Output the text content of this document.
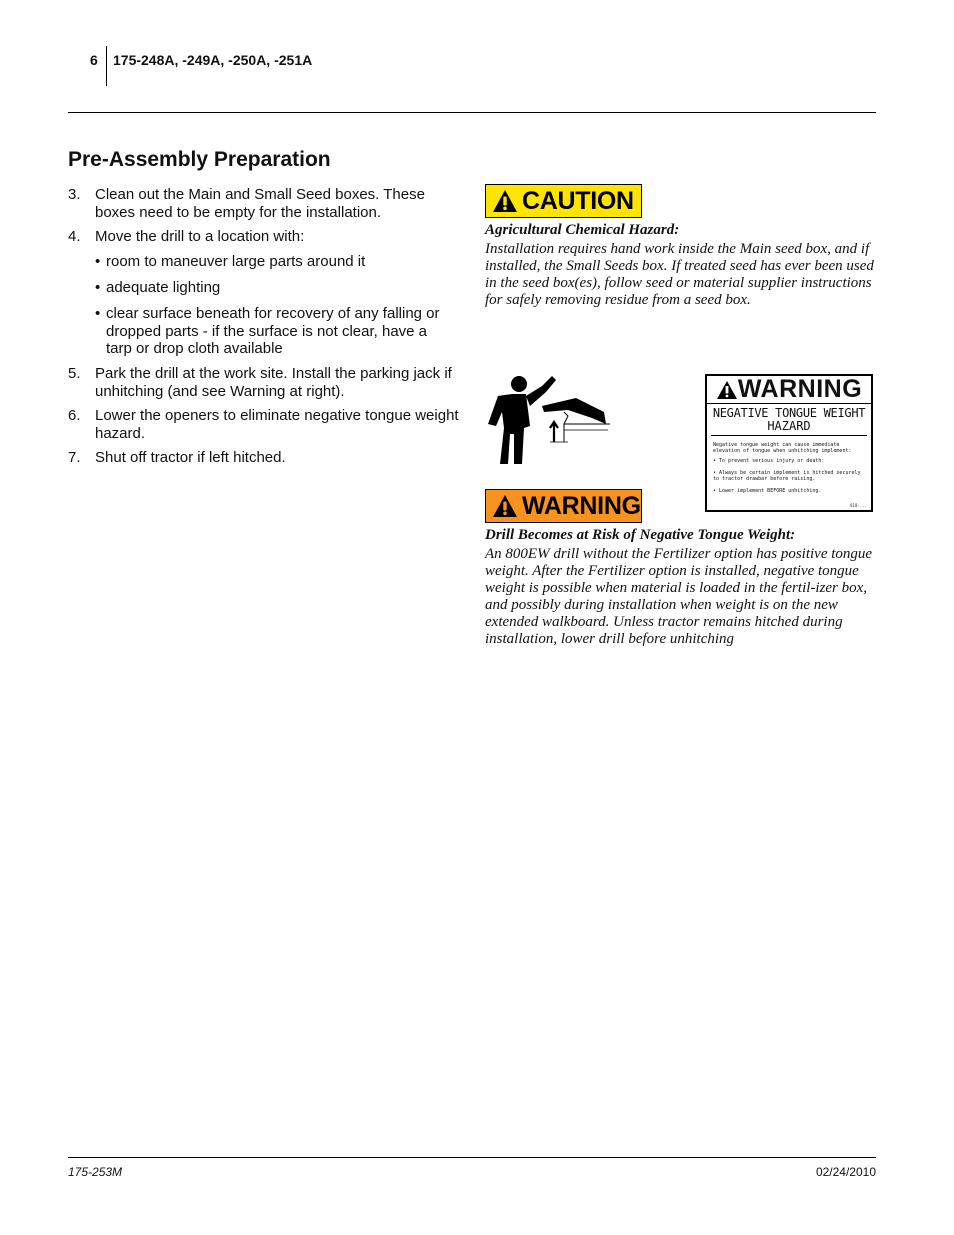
6 175-248A, -249A, -250A, -251A
Pre-Assembly Preparation
3. Clean out the Main and Small Seed boxes. These boxes need to be empty for the installation.
4. Move the drill to a location with:
• room to maneuver large parts around it
• adequate lighting
• clear surface beneath for recovery of any falling or dropped parts - if the surface is not clear, have a tarp or drop cloth available
5. Park the drill at the work site. Install the parking jack if unhitching (and see Warning at right).
6. Lower the openers to eliminate negative tongue weight hazard.
7. Shut off tractor if left hitched.
CAUTION
Agricultural Chemical Hazard:
Installation requires hand work inside the Main seed box, and if installed, the Small Seeds box. If treated seed has ever been used in the seed box(es), follow seed or material supplier instructions for safely removing residue from a seed box.
WARNING
NEGATIVE TONGUE WEIGHT
HAZARD
Negative tongue weight can cause immediate elevation of tongue when unhitching implement:
• To prevent serious injury or death:
• Always be certain implement is hitched securely to tractor drawbar before raising.
• Lower implement BEFORE unhitching.
818-...
WARNING
Drill Becomes at Risk of Negative Tongue Weight:
An 800EW drill without the Fertilizer option has positive tongue weight. After the Fertilizer option is installed, negative tongue weight is possible when material is loaded in the fertil-izer box, and possibly during installation when weight is on the new extended walkboard. Unless tractor remains hitched during installation, lower drill before unhitching
175-253M	02/24/2010
